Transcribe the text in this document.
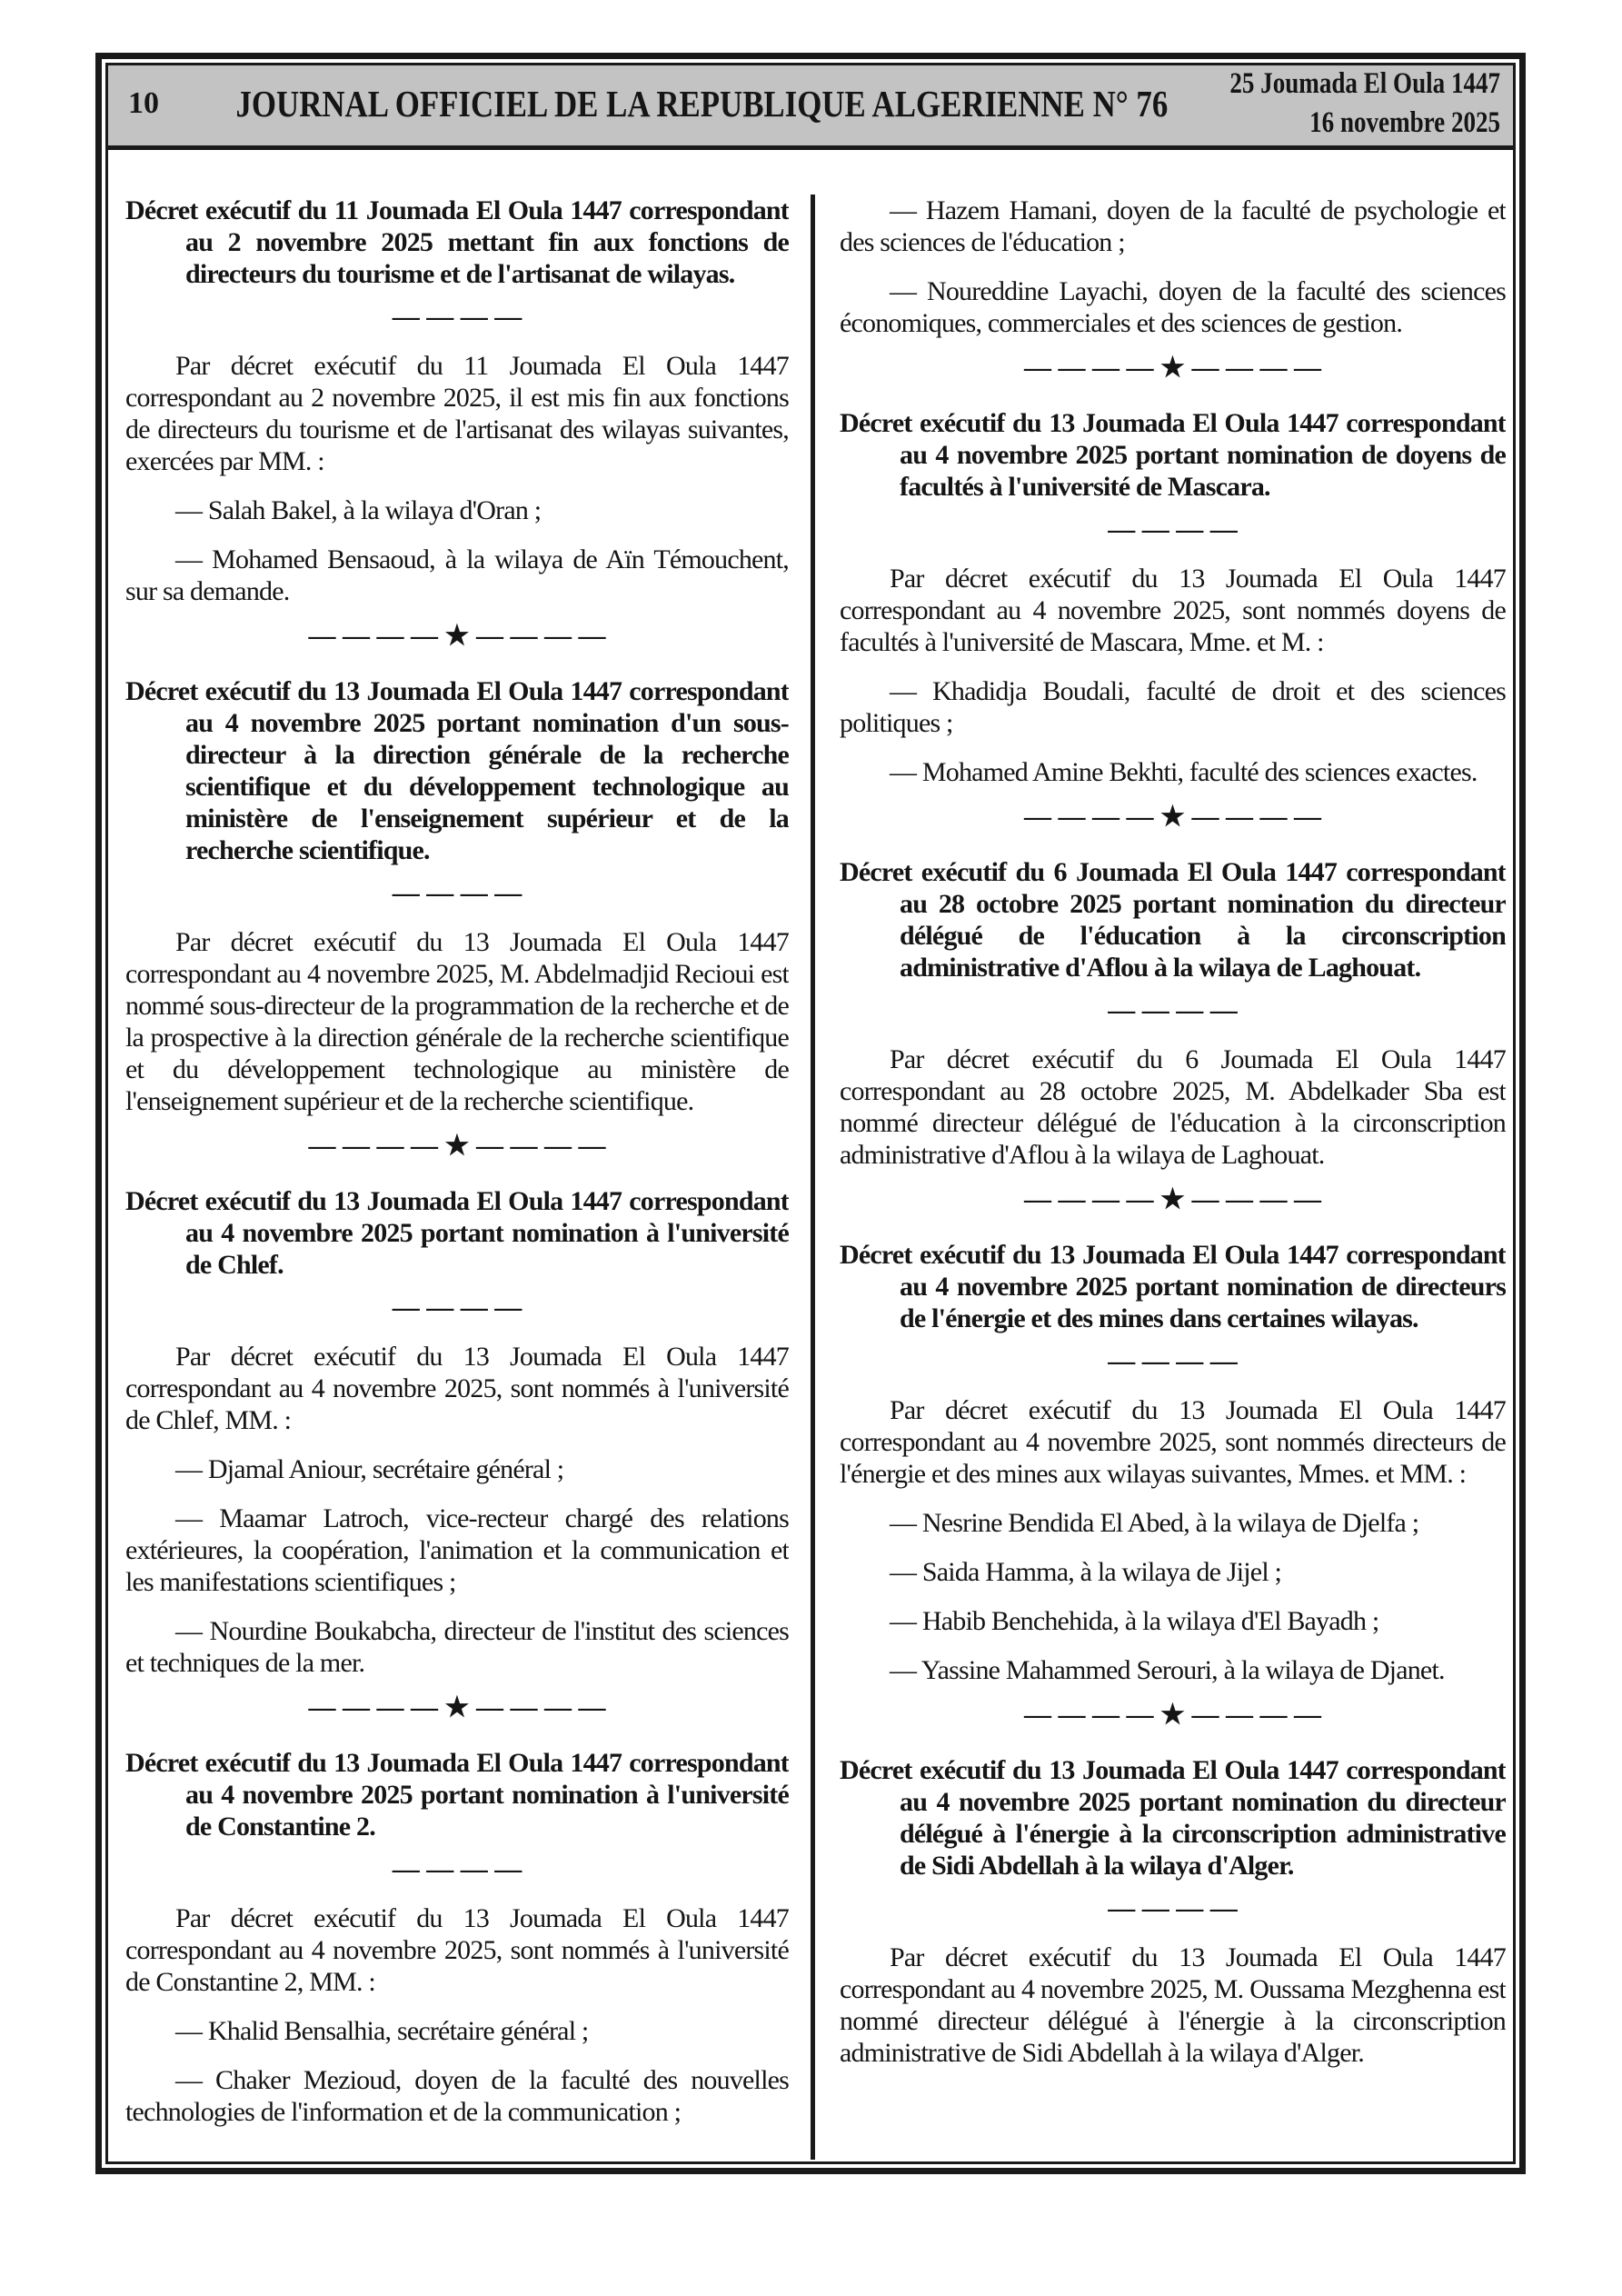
10 JOURNAL OFFICIEL DE LA REPUBLIQUE ALGERIENNE N° 76 25 Joumada El Oula 1447
16 novembre 2025

Décret exécutif du 11 Joumada El Oula 1447 correspondant au 2 novembre 2025 mettant fin aux fonctions de directeurs du tourisme et de l'artisanat de wilayas.

— — — —

Par décret exécutif du 11 Joumada El Oula 1447 correspondant au 2 novembre 2025, il est mis fin aux fonctions de directeurs du tourisme et de l'artisanat des wilayas suivantes, exercées par MM. :

— Salah Bakel, à la wilaya d'Oran ;

— Mohamed Bensaoud, à la wilaya de Aïn Témouchent, sur sa demande.

— — — — ★ — — — —

Décret exécutif du 13 Joumada El Oula 1447 correspondant au 4 novembre 2025 portant nomination d'un sous-directeur à la direction générale de la recherche scientifique et du développement technologique au ministère de l'enseignement supérieur et de la recherche scientifique.

— — — —

Par décret exécutif du 13 Joumada El Oula 1447 correspondant au 4 novembre 2025, M. Abdelmadjid Recioui est nommé sous-directeur de la programmation de la recherche et de la prospective à la direction générale de la recherche scientifique et du développement technologique au ministère de l'enseignement supérieur et de la recherche scientifique.

— — — — ★ — — — —

Décret exécutif du 13 Joumada El Oula 1447 correspondant au 4 novembre 2025 portant nomination à l'université de Chlef.

— — — —

Par décret exécutif du 13 Joumada El Oula 1447 correspondant au 4 novembre 2025, sont nommés à l'université de Chlef, MM. :

— Djamal Aniour, secrétaire général ;

— Maamar Latroch, vice-recteur chargé des relations extérieures, la coopération, l'animation et la communication et les manifestations scientifiques ;

— Nourdine Boukabcha, directeur de l'institut des sciences et techniques de la mer.

— — — — ★ — — — —

Décret exécutif du 13 Joumada El Oula 1447 correspondant au 4 novembre 2025 portant nomination à l'université de Constantine 2.

— — — —

Par décret exécutif du 13 Joumada El Oula 1447 correspondant au 4 novembre 2025, sont nommés à l'université de Constantine 2, MM. :

— Khalid Bensalhia, secrétaire général ;

— Chaker Mezioud, doyen de la faculté des nouvelles technologies de l'information et de la communication ;

— Hazem Hamani, doyen de la faculté de psychologie et des sciences de l'éducation ;

— Noureddine Layachi, doyen de la faculté des sciences économiques, commerciales et des sciences de gestion.

— — — — ★ — — — —

Décret exécutif du 13 Joumada El Oula 1447 correspondant au 4 novembre 2025 portant nomination de doyens de facultés à l'université de Mascara.

— — — —

Par décret exécutif du 13 Joumada El Oula 1447 correspondant au 4 novembre 2025, sont nommés doyens de facultés à l'université de Mascara, Mme. et M. :

— Khadidja Boudali, faculté de droit et des sciences politiques ;

— Mohamed Amine Bekhti, faculté des sciences exactes.

— — — — ★ — — — —

Décret exécutif du 6 Joumada El Oula 1447 correspondant au 28 octobre 2025 portant nomination du directeur délégué de l'éducation à la circonscription administrative d'Aflou à la wilaya de Laghouat.

— — — —

Par décret exécutif du 6 Joumada El Oula 1447 correspondant au 28 octobre 2025, M. Abdelkader Sba est nommé directeur délégué de l'éducation à la circonscription administrative d'Aflou à la wilaya de Laghouat.

— — — — ★ — — — —

Décret exécutif du 13 Joumada El Oula 1447 correspondant au 4 novembre 2025 portant nomination de directeurs de l'énergie et des mines dans certaines wilayas.

— — — —

Par décret exécutif du 13 Joumada El Oula 1447 correspondant au 4 novembre 2025, sont nommés directeurs de l'énergie et des mines aux wilayas suivantes, Mmes. et MM. :

— Nesrine Bendida El Abed, à la wilaya de Djelfa ;

— Saida Hamma, à la wilaya de Jijel ;

— Habib Benchehida, à la wilaya d'El Bayadh ;

— Yassine Mahammed Serouri, à la wilaya de Djanet.

— — — — ★ — — — —

Décret exécutif du 13 Joumada El Oula 1447 correspondant au 4 novembre 2025 portant nomination du directeur délégué à l'énergie à la circonscription administrative de Sidi Abdellah à la wilaya d'Alger.

— — — —

Par décret exécutif du 13 Joumada El Oula 1447 correspondant au 4 novembre 2025, M. Oussama Mezghenna est nommé directeur délégué à l'énergie à la circonscription administrative de Sidi Abdellah à la wilaya d'Alger.
